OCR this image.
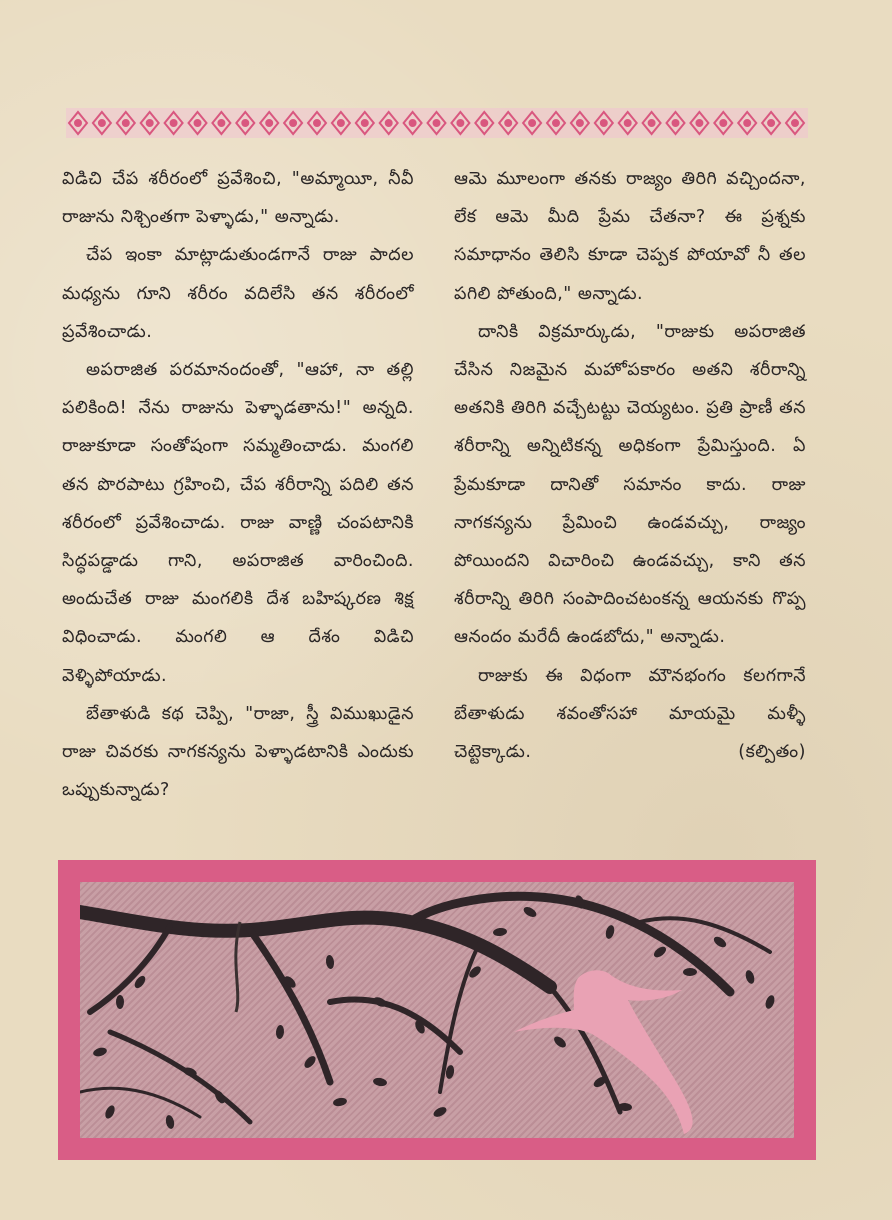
విడిచి చేప శరీరంలో ప్రవేశించి, "అమ్మాయీ, నీవీ రాజును నిశ్చింతగా పెళ్ళాడు," అన్నాడు.

చేప ఇంకా మాట్లాడుతుండగానే రాజు పాదల మధ్యను గూని శరీరం వదిలేసి తన శరీరంలో ప్రవేశించాడు.

అపరాజిత పరమానందంతో, "ఆహా, నా తల్లి పలికింది! నేను రాజును పెళ్ళాడతాను!" అన్నది. రాజుకూడా సంతోషంగా సమ్మతించాడు. మంగలి తన పొరపాటు గ్రహించి, చేప శరీరాన్ని పదిలి తన శరీరంలో ప్రవేశించాడు. రాజు వాణ్ణి చంపటానికి సిద్ధపడ్డాడు గాని, అపరాజిత వారించింది. అందుచేత రాజు మంగలికి దేశ బహిష్కరణ శిక్ష విధించాడు. మంగలి ఆ దేశం విడిచి వెళ్ళిపోయాడు.

బేతాళుడి కథ చెప్పి, "రాజా, స్త్రీ విముఖుడైన రాజు చివరకు నాగకన్యను పెళ్ళాడటానికి ఎందుకు ఒప్పుకున్నాడు?

ఆమె మూలంగా తనకు రాజ్యం తిరిగి వచ్చిందనా, లేక ఆమె మీది ప్రేమ చేతనా? ఈ ప్రశ్నకు సమాధానం తెలిసి కూడా చెప్పక పోయావో నీ తల పగిలి పోతుంది," అన్నాడు.

దానికి విక్రమార్కుడు, "రాజుకు అపరాజిత చేసిన నిజమైన మహోపకారం అతని శరీరాన్ని అతనికి తిరిగి వచ్చేటట్టు చెయ్యటం. ప్రతి ప్రాణీ తన శరీరాన్ని అన్నిటికన్న అధికంగా ప్రేమిస్తుంది. ఏ ప్రేమకూడా దానితో సమానం కాదు. రాజు నాగకన్యను ప్రేమించి ఉండవచ్చు, రాజ్యం పోయిందని విచారించి ఉండవచ్చు, కాని తన శరీరాన్ని తిరిగి సంపాదించటంకన్న ఆయనకు గొప్ప ఆనందం మరేదీ ఉండబోదు," అన్నాడు.

రాజుకు ఈ విధంగా మౌనభంగం కలగగానే బేతాళుడు శవంతోసహా మాయమై మళ్ళీ చెట్టెక్కాడు.	(కల్పితం)
